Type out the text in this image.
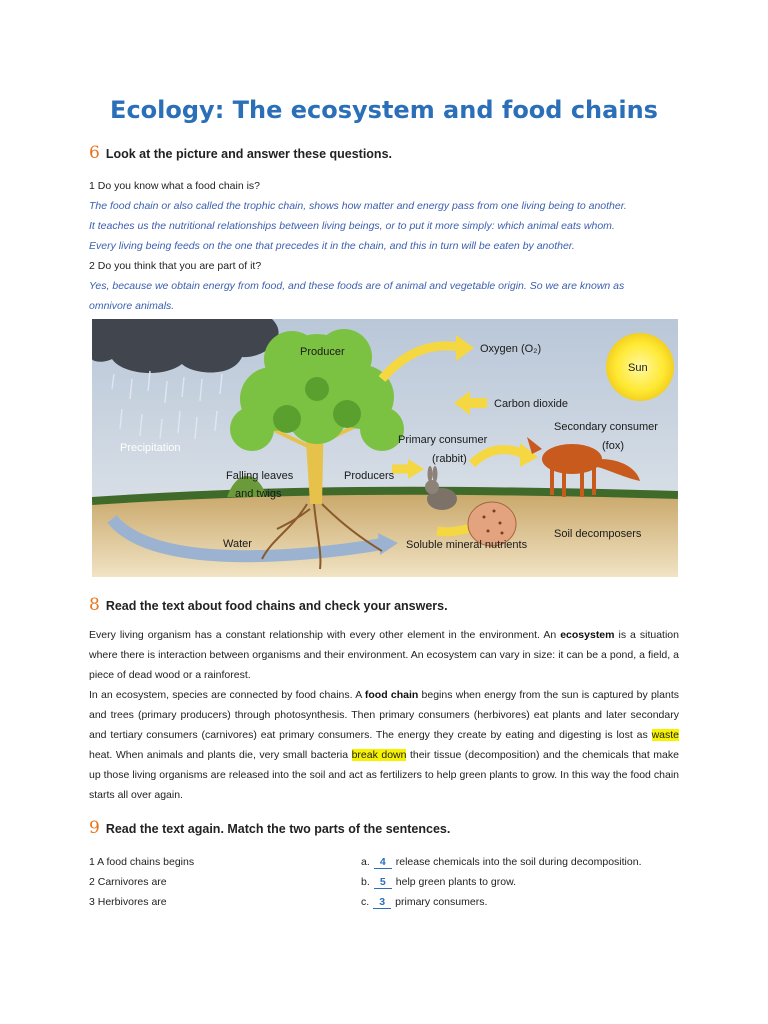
Ecology: The ecosystem and food chains
6 Look at the picture and answer these questions.
1 Do you know what a food chain is?
The food chain or also called the trophic chain, shows how matter and energy pass from one living being to another.
It teaches us the nutritional relationships between living beings, or to put it more simply: which animal eats whom.
Every living being feeds on the one that precedes it in the chain, and this in turn will be eaten by another.
2 Do you think that you are part of it?
Yes, because we obtain energy from food, and these foods are of animal and vegetable origin. So we are known as
omnivore animals.
Producer	Oxygen (O₂)
Sun
Carbon dioxide
Precipitation
Primary consumer
(rabbit)
Secondary consumer
(fox)
Falling leaves
and twigs
Producers
Water	Soluble mineral nutrients
Soil decomposers
8 Read the text about food chains and check your answers.
Every living organism has a constant relationship with every other element in the environment. An ecosystem is a situation where there is interaction between organisms and their environment. An ecosystem can vary in size: it can be a pond, a field, a piece of dead wood or a rainforest.
In an ecosystem, species are connected by food chains. A food chain begins when energy from the sun is captured by plants and trees (primary producers) through photosynthesis. Then primary consumers (herbivores) eat plants and later secondary and tertiary consumers (carnivores) eat primary consumers. The energy they create by eating and digesting is lost as waste heat. When animals and plants die, very small bacteria break down their tissue (decomposition) and the chemicals that make up those living organisms are released into the soil and act as fertilizers to help green plants to grow. In this way the food chain starts all over again.
9 Read the text again. Match the two parts of the sentences.
1 A food chains begins
2 Carnivores are
3 Herbivores are
a. 4 release chemicals into the soil during decomposition.
b. 5 help green plants to grow.
c. 3 primary consumers.
